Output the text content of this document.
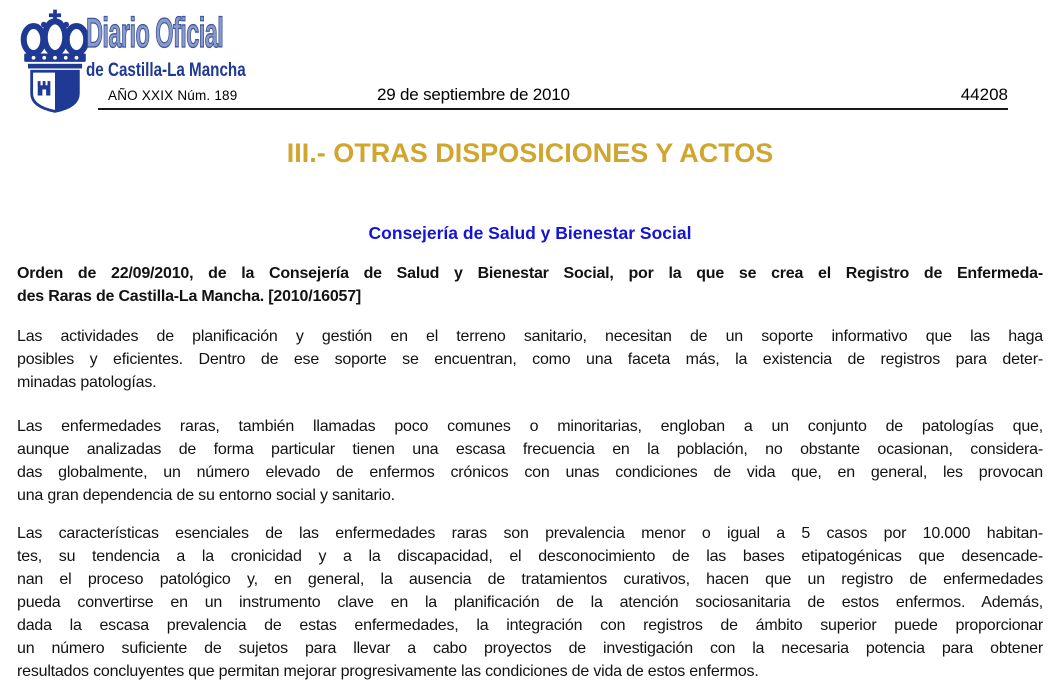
Diario Oficial
de Castilla-La Mancha
AÑO XXIX Núm. 189	29 de septiembre de 2010	44208
III.- OTRAS DISPOSICIONES Y ACTOS
Consejería de Salud y Bienestar Social
Orden de 22/09/2010, de la Consejería de Salud y Bienestar Social, por la que se crea el Registro de Enfermeda-
des Raras de Castilla-La Mancha. [2010/16057]
Las actividades de planificación y gestión en el terreno sanitario, necesitan de un soporte informativo que las haga
posibles y eficientes. Dentro de ese soporte se encuentran, como una faceta más, la existencia de registros para deter-
minadas patologías.
Las enfermedades raras, también llamadas poco comunes o minoritarias, engloban a un conjunto de patologías que,
aunque analizadas de forma particular tienen una escasa frecuencia en la población, no obstante ocasionan, considera-
das globalmente, un número elevado de enfermos crónicos con unas condiciones de vida que, en general, les provocan
una gran dependencia de su entorno social y sanitario.
Las características esenciales de las enfermedades raras son prevalencia menor o igual a 5 casos por 10.000 habitan-
tes, su tendencia a la cronicidad y a la discapacidad, el desconocimiento de las bases etipatogénicas que desencade-
nan el proceso patológico y, en general, la ausencia de tratamientos curativos, hacen que un registro de enfermedades
pueda convertirse en un instrumento clave en la planificación de la atención sociosanitaria de estos enfermos. Además,
dada la escasa prevalencia de estas enfermedades, la integración con registros de ámbito superior puede proporcionar
un número suficiente de sujetos para llevar a cabo proyectos de investigación con la necesaria potencia para obtener
resultados concluyentes que permitan mejorar progresivamente las condiciones de vida de estos enfermos.
